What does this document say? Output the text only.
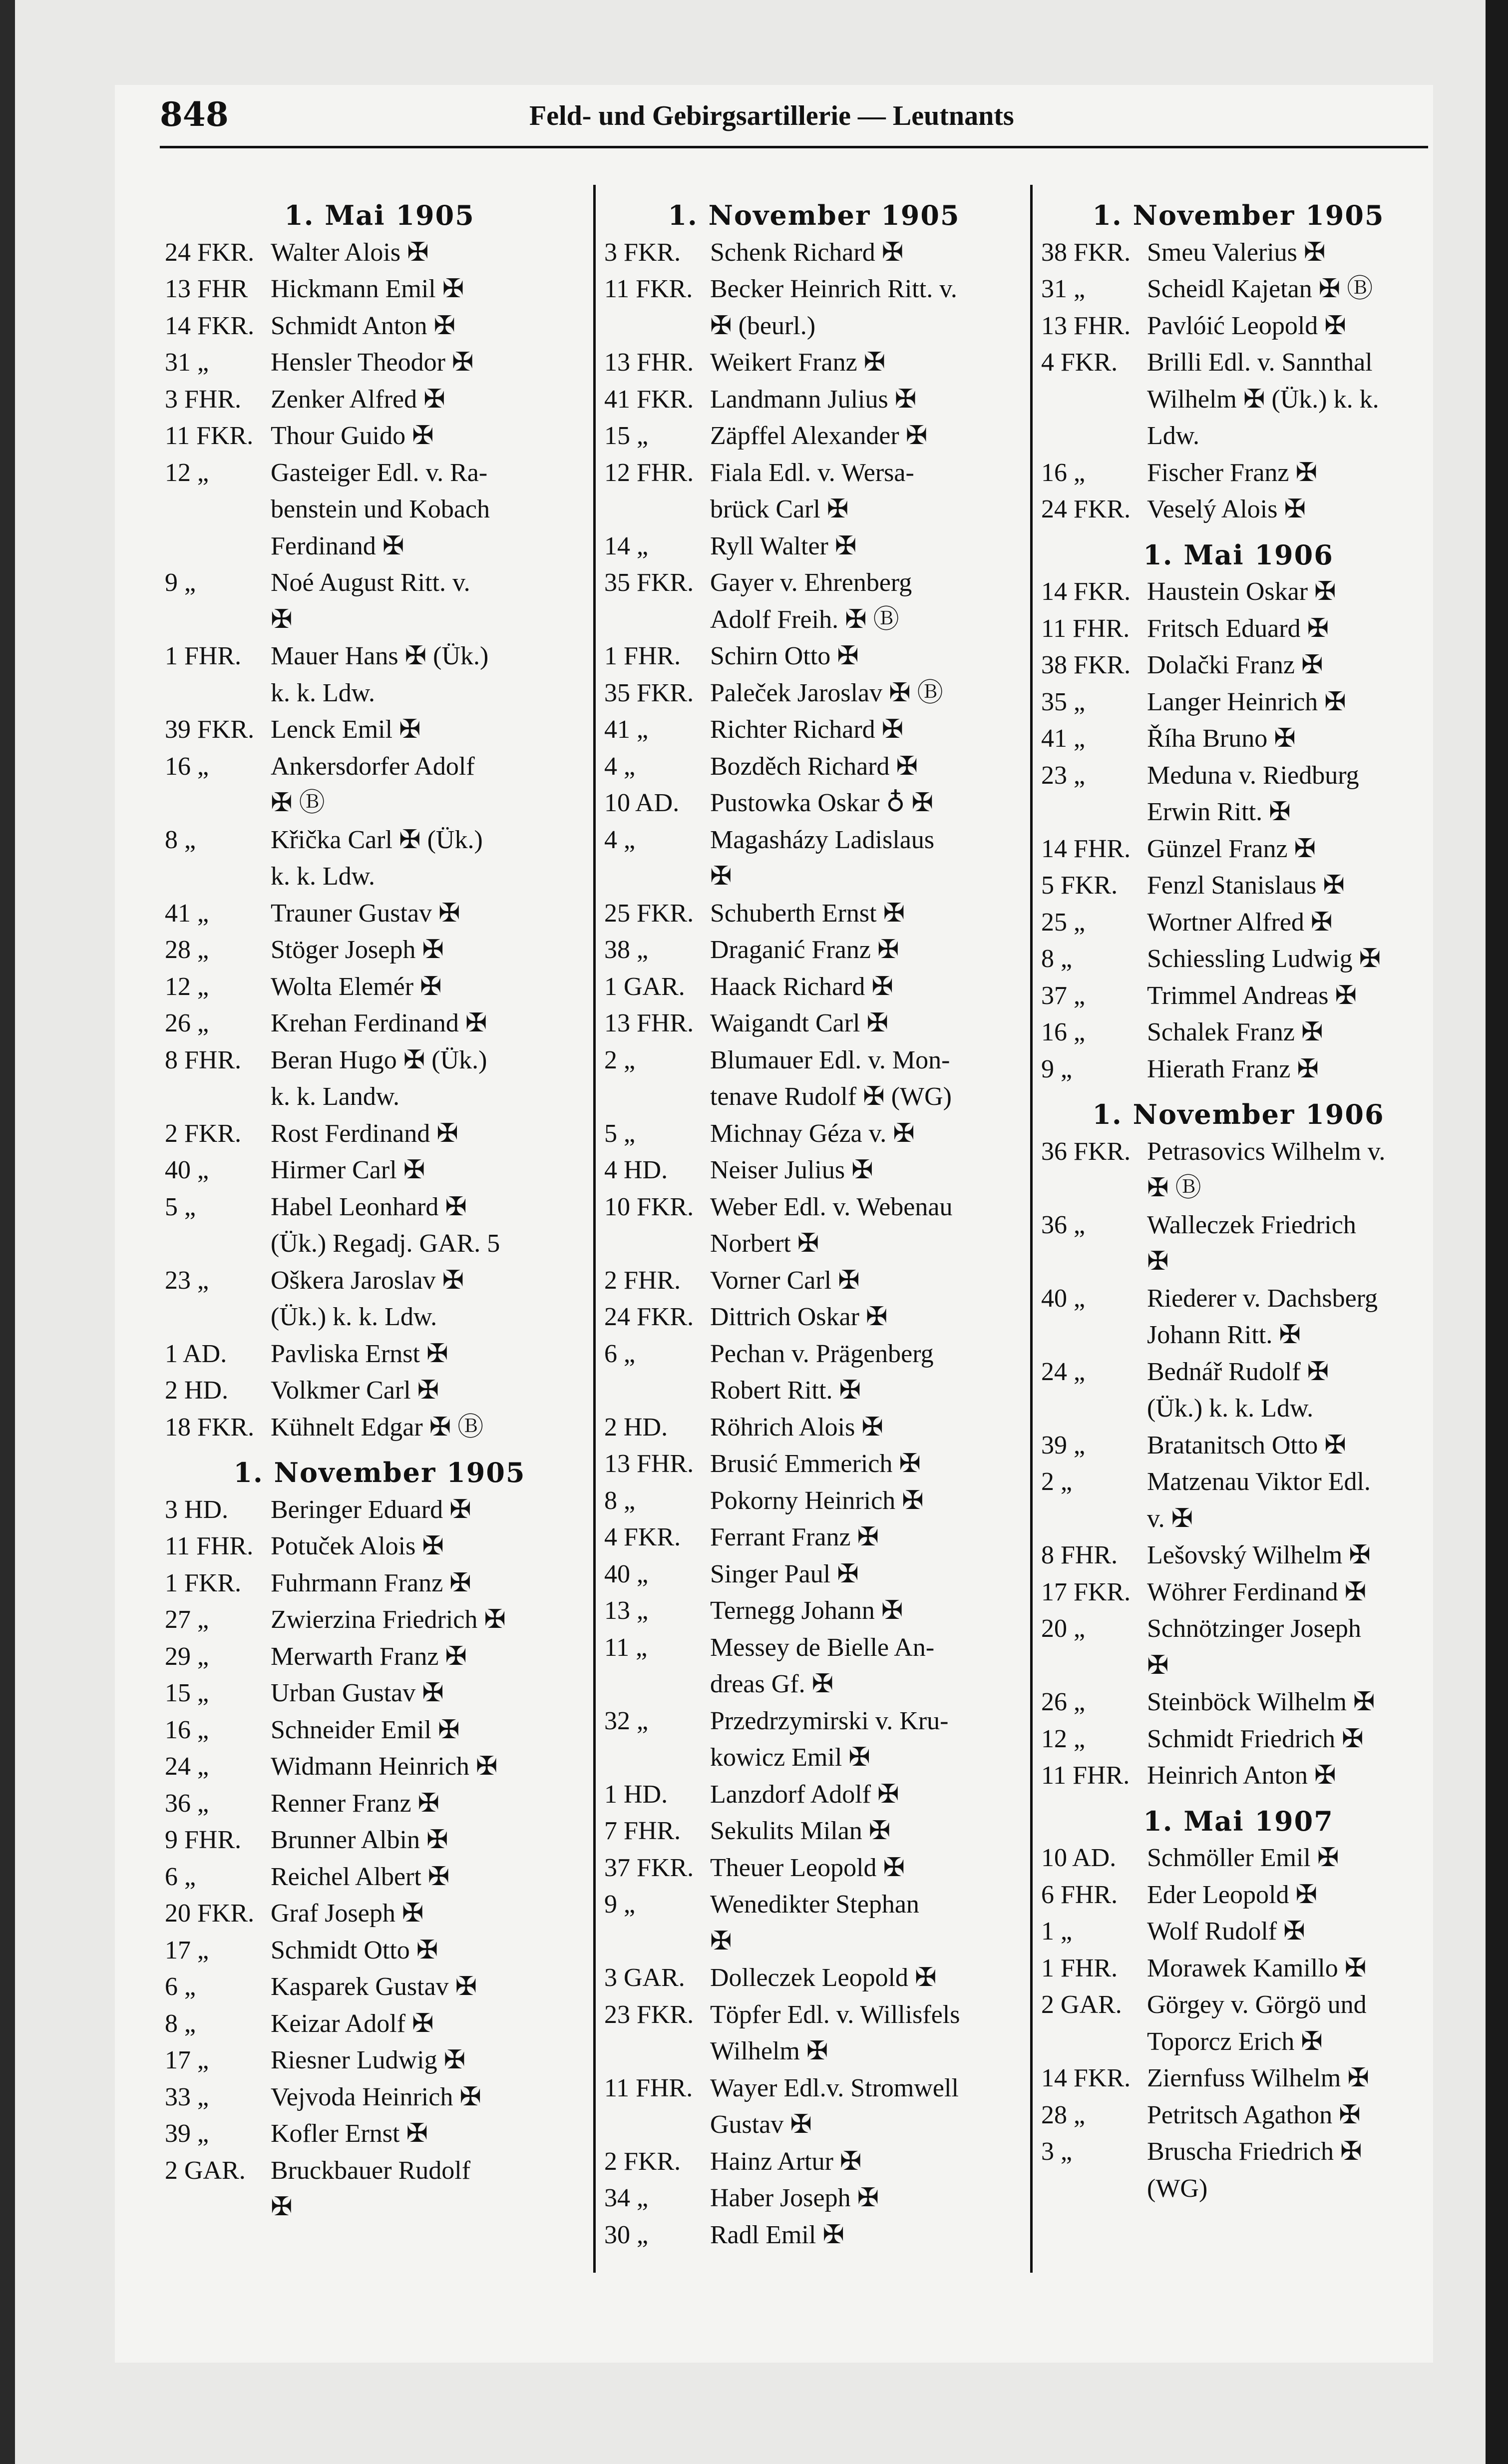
848	Feld- und Gebirgsartillerie — Leutnants
1. Mai 1905
24 FKR. Walter Alois ✠
13 FHR Hickmann Emil ✠
14 FKR. Schmidt Anton ✠
31 „	Hensler Theodor ✠
3 FHR.	Zenker Alfred ✠
11 FKR. Thour Guido ✠
12 „	Gasteiger Edl. v. Ra-
benstein und Kobach
Ferdinand ✠
9 „	Noé August Ritt. v.
✠
1 FHR.	Mauer Hans ✠ (Ük.)
k. k. Ldw.
39 FKR. Lenck Emil ✠
16 „	Ankersdorfer Adolf
✠ Ⓑ
8 „	Křička Carl ✠ (Ük.)
k. k. Ldw.
41 „	Trauner Gustav ✠
28 „	Stöger Joseph ✠
12 „	Wolta Elemér ✠
26 „	Krehan Ferdinand ✠
8 FHR.	Beran Hugo ✠ (Ük.)
k. k. Landw.
2 FKR.	Rost Ferdinand ✠
40 „	Hirmer Carl ✠
5 „	Habel Leonhard ✠
(Ük.) Regadj. GAR. 5
23 „	Oškera Jaroslav ✠
(Ük.) k. k. Ldw.
1 AD.	Pavliska Ernst ✠
2 HD.	Volkmer Carl ✠
18 FKR. Kühnelt Edgar ✠ Ⓑ
1. November 1905
3 HD.	Beringer Eduard ✠
11 FHR. Potuček Alois ✠
1 FKR.	Fuhrmann Franz ✠
27 „	Zwierzina Friedrich ✠
29 „	Merwarth Franz ✠
15 „	Urban Gustav ✠
16 „	Schneider Emil ✠
24 „	Widmann Heinrich ✠
36 „	Renner Franz ✠
9 FHR.	Brunner Albin ✠
6 „	Reichel Albert ✠
20 FKR. Graf Joseph ✠
17 „	Schmidt Otto ✠
6 „	Kasparek Gustav ✠
8 „	Keizar Adolf ✠
17 „	Riesner Ludwig ✠
33 „	Vejvoda Heinrich ✠
39 „	Kofler Ernst ✠
2 GAR. Bruckbauer Rudolf
✠
1. November 1905
3 FKR.	Schenk Richard ✠
11 FKR. Becker Heinrich Ritt. v.
✠ (beurl.)
13 FHR. Weikert Franz ✠
41 FKR. Landmann Julius ✠
15 „	Zäpffel Alexander ✠
12 FHR. Fiala Edl. v. Wersa-
brück Carl ✠
14 „	Ryll Walter ✠
35 FKR. Gayer v. Ehrenberg
Adolf Freih. ✠ Ⓑ
1 FHR.	Schirn Otto ✠
35 FKR. Paleček Jaroslav ✠ Ⓑ
41 „	Richter Richard ✠
4 „	Bozděch Richard ✠
10 AD.	Pustowka Oskar ♁ ✠
4 „	Magasházy Ladislaus
✠
25 FKR. Schuberth Ernst ✠
38 „	Draganić Franz ✠
1 GAR. Haack Richard ✠
13 FHR. Waigandt Carl ✠
2 „	Blumauer Edl. v. Mon-
tenave Rudolf ✠ (WG)
5 „	Michnay Géza v. ✠
4 HD.	Neiser Julius ✠
10 FKR. Weber Edl. v. Webenau
Norbert ✠
2 FHR.	Vorner Carl ✠
24 FKR. Dittrich Oskar ✠
6 „	Pechan v. Prägenberg
Robert Ritt. ✠
2 HD.	Röhrich Alois ✠
13 FHR. Brusić Emmerich ✠
8 „	Pokorny Heinrich ✠
4 FKR.	Ferrant Franz ✠
40 „	Singer Paul ✠
13 „	Ternegg Johann ✠
11 „	Messey de Bielle An-
dreas Gf. ✠
32 „	Przedrzymirski v. Kru-
kowicz Emil ✠
1 HD.	Lanzdorf Adolf ✠
7 FHR.	Sekulits Milan ✠
37 FKR. Theuer Leopold ✠
9 „	Wenedikter Stephan
✠
3 GAR. Dolleczek Leopold ✠
23 FKR. Töpfer Edl. v. Willisfels
Wilhelm ✠
11 FHR. Wayer Edl.v. Stromwell
Gustav ✠
2 FKR.	Hainz Artur ✠
34 „	Haber Joseph ✠
30 „	Radl Emil ✠
1. November 1905
38 FKR. Smeu Valerius ✠
31 „	Scheidl Kajetan ✠ Ⓑ
13 FHR. Pavlóić Leopold ✠
4 FKR.	Brilli Edl. v. Sannthal
Wilhelm ✠ (Ük.) k. k.
Ldw.
16 „	Fischer Franz ✠
24 FKR. Veselý Alois ✠
1. Mai 1906
14 FKR. Haustein Oskar ✠
11 FHR. Fritsch Eduard ✠
38 FKR. Dolački Franz ✠
35 „	Langer Heinrich ✠
41 „	Říha Bruno ✠
23 „	Meduna v. Riedburg
Erwin Ritt. ✠
14 FHR. Günzel Franz ✠
5 FKR.	Fenzl Stanislaus ✠
25 „	Wortner Alfred ✠
8 „	Schiessling Ludwig ✠
37 „	Trimmel Andreas ✠
16 „	Schalek Franz ✠
9 „	Hierath Franz ✠
1. November 1906
36 FKR. Petrasovics Wilhelm v.
✠ Ⓑ
36 „	Walleczek Friedrich
✠
40 „	Riederer v. Dachsberg
Johann Ritt. ✠
24 „	Bednář Rudolf ✠
(Ük.) k. k. Ldw.
39 „	Bratanitsch Otto ✠
2 „	Matzenau Viktor Edl.
v. ✠
8 FHR.	Lešovský Wilhelm ✠
17 FKR. Wöhrer Ferdinand ✠
20 „	Schnötzinger Joseph
✠
26 „	Steinböck Wilhelm ✠
12 „	Schmidt Friedrich ✠
11 FHR. Heinrich Anton ✠
1. Mai 1907
10 AD.	Schmöller Emil ✠
6 FHR.	Eder Leopold ✠
1 „	Wolf Rudolf ✠
1 FHR.	Morawek Kamillo ✠
2 GAR. Görgey v. Görgö und
Toporcz Erich ✠
14 FKR. Ziernfuss Wilhelm ✠
28 „	Petritsch Agathon ✠
3 „	Bruscha Friedrich ✠
(WG)
